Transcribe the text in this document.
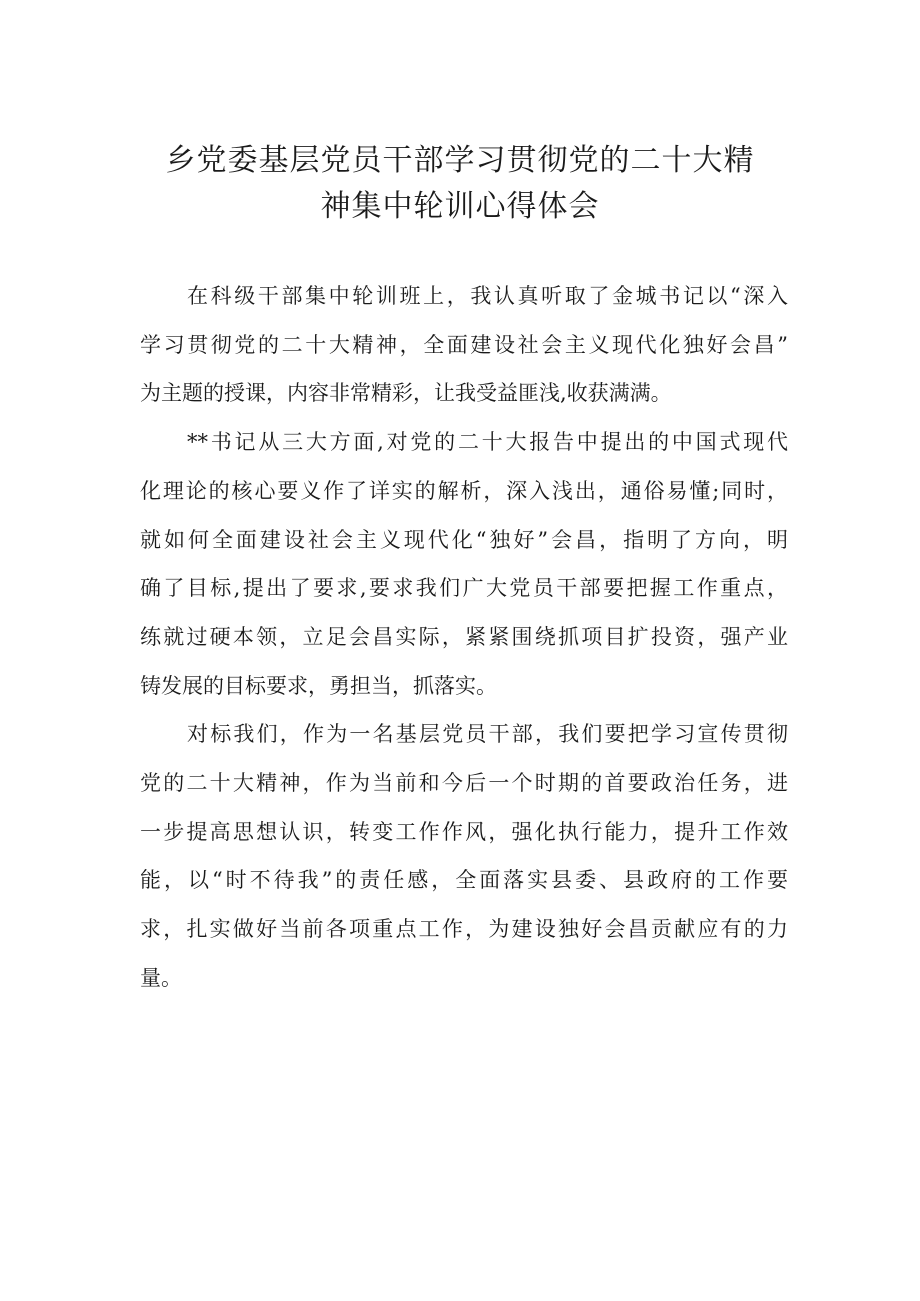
乡党委基层党员干部学习贯彻党的二十大精
神集中轮训心得体会

在科级干部集中轮训班上，我认真听取了金城书记以“深入
学习贯彻党的二十大精神，全面建设社会主义现代化独好会昌”
为主题的授课，内容非常精彩，让我受益匪浅,收获满满。

**书记从三大方面,对党的二十大报告中提出的中国式现代
化理论的核心要义作了详实的解析，深入浅出，通俗易懂;同时，
就如何全面建设社会主义现代化“独好”会昌，指明了方向，明
确了目标,提出了要求,要求我们广大党员干部要把握工作重点，
练就过硬本领，立足会昌实际，紧紧围绕抓项目扩投资，强产业
铸发展的目标要求，勇担当，抓落实。

对标我们，作为一名基层党员干部，我们要把学习宣传贯彻
党的二十大精神，作为当前和今后一个时期的首要政治任务，进
一步提高思想认识，转变工作作风，强化执行能力，提升工作效
能，以“时不待我”的责任感，全面落实县委、县政府的工作要
求，扎实做好当前各项重点工作，为建设独好会昌贡献应有的力
量。
